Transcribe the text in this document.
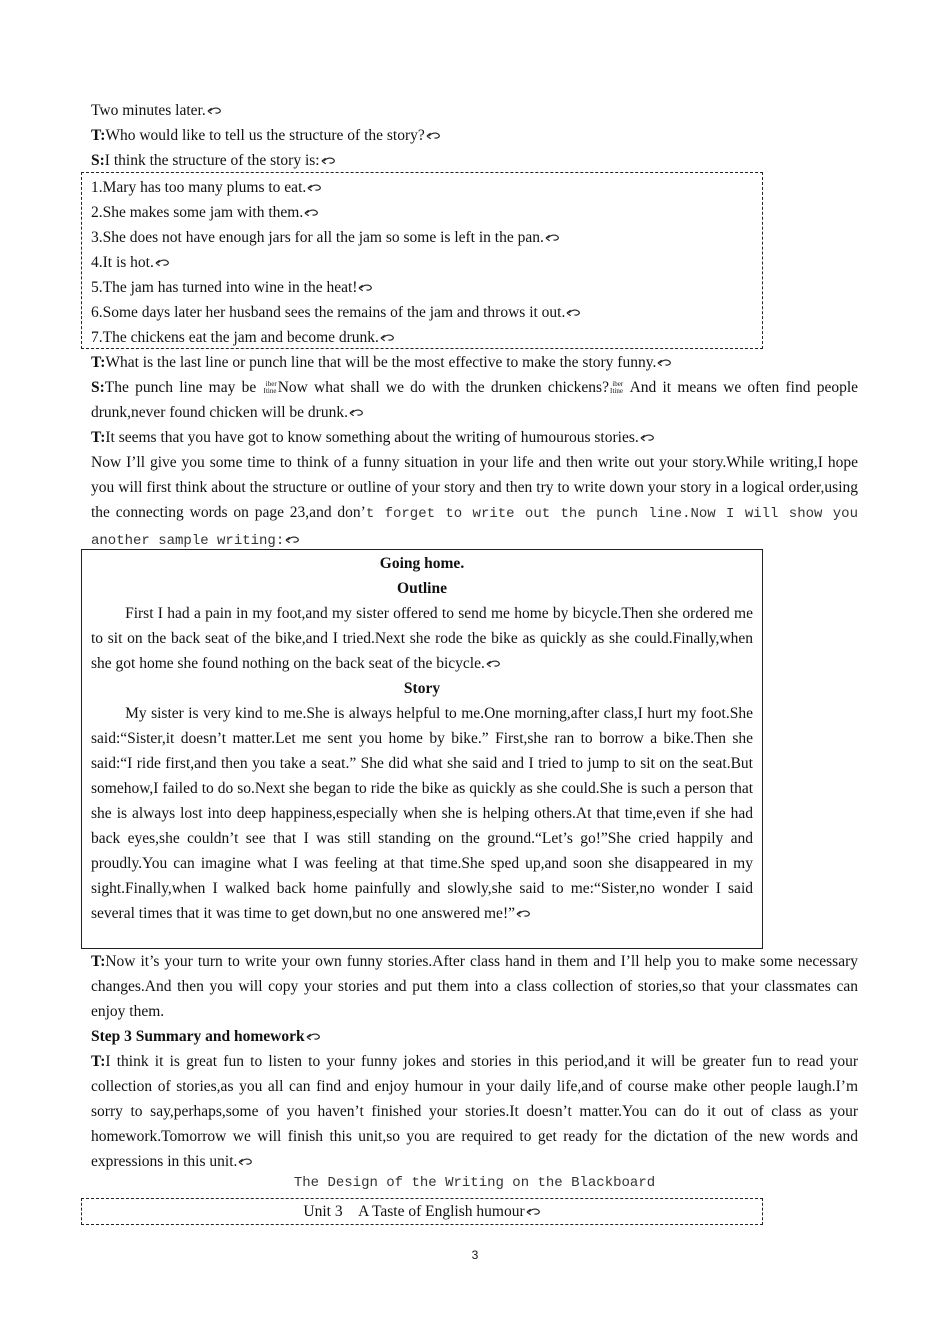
Two minutes later.
T:Who would like to tell us the structure of the story?
S:I think the structure of the story is:
1.Mary has too many plums to eat.
2.She makes some jam with them.
3.She does not have enough jars for all the jam so some is left in the pan.
4.It is hot.
5.The jam has turned into wine in the heat!
6.Some days later her husband sees the remains of the jam and throws it out.
7.The chickens eat the jam and become drunk.
T:What is the last line or punch line that will be the most effective to make the story funny.
S:The punch line may be Iiber
tineNow what shall we do with the drunken chickens?Iiber
tine And it means we often find people drunk,never found chicken will be drunk.
T:It seems that you have got to know something about the writing of humourous stories.
Now I’ll give you some time to think of a funny situation in your life and then write out your story.While writing,I hope you will first think about the structure or outline of your story and then try to write down your story in a logical order,using the connecting words on page 23,and don’t forget to write out the punch line.Now I will show you another sample writing:
Going home.
Outline
First I had a pain in my foot,and my sister offered to send me home by bicycle.Then she ordered me to sit on the back seat of the bike,and I tried.Next she rode the bike as quickly as she could.Finally,when she got home she found nothing on the back seat of the bicycle.
Story
My sister is very kind to me.She is always helpful to me.One morning,after class,I hurt my foot.She said:“Sister,it doesn’t matter.Let me sent you home by bike.” First,she ran to borrow a bike.Then she said:“I ride first,and then you take a seat.” She did what she said and I tried to jump to sit on the seat.But somehow,I failed to do so.Next she began to ride the bike as quickly as she could.She is such a person that she is always lost into deep happiness,especially when she is helping others.At that time,even if she had back eyes,she couldn’t see that I was still standing on the ground.“Let’s go!”She cried happily and proudly.You can imagine what I was feeling at that time.She sped up,and soon she disappeared in my sight.Finally,when I walked back home painfully and slowly,she said to me:“Sister,no wonder I said several times that it was time to get down,but no one answered me!”
T:Now it’s your turn to write your own funny stories.After class hand in them and I’ll help you to make some necessary changes.And then you will copy your stories and put them into a class collection of stories,so that your classmates can enjoy them.
Step 3 Summary and homework
T:I think it is great fun to listen to your funny jokes and stories in this period,and it will be greater fun to read your collection of stories,as you all can find and enjoy humour in your daily life,and of course make other people laugh.I’m sorry to say,perhaps,some of you haven’t finished your stories.It doesn’t matter.You can do it out of class as your homework.Tomorrow we will finish this unit,so you are required to get ready for the dictation of the new words and expressions in this unit.
The Design of the Writing on the Blackboard
Unit 3　A Taste of English humour
3
